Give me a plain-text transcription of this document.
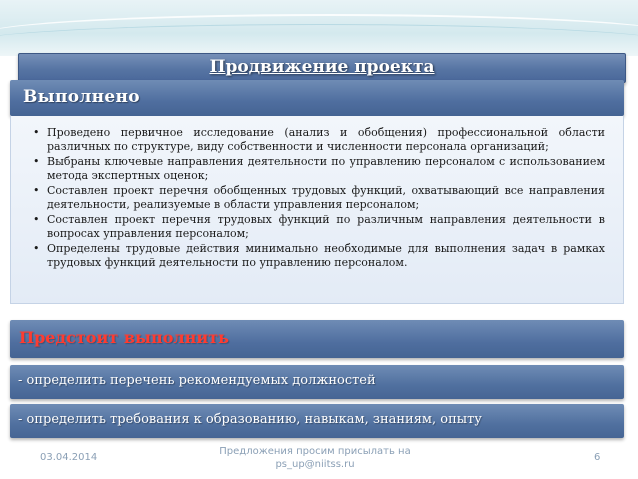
Продвижение проекта
Выполнено
• Проведено первичное исследование (анализ и обобщения) профессиональной области различных по структуре, виду собственности и численности персонала организаций;
• Выбраны ключевые направления деятельности по управлению персоналом с использованием метода экспертных оценок;
• Составлен проект перечня обобщенных трудовых функций, охватывающий все направления деятельности, реализуемые в области управления персоналом;
• Составлен проект перечня трудовых функций по различным направления деятельности в вопросах управления персоналом;
• Определены трудовые действия минимально необходимые для выполнения задач в рамках трудовых функций деятельности по управлению персоналом.
Предстоит выполнить
- определить перечень рекомендуемых должностей
- определить требования к образованию, навыкам, знаниям, опыту
03.04.2014
Предложения просим присылать на
ps_up@niitss.ru
6
